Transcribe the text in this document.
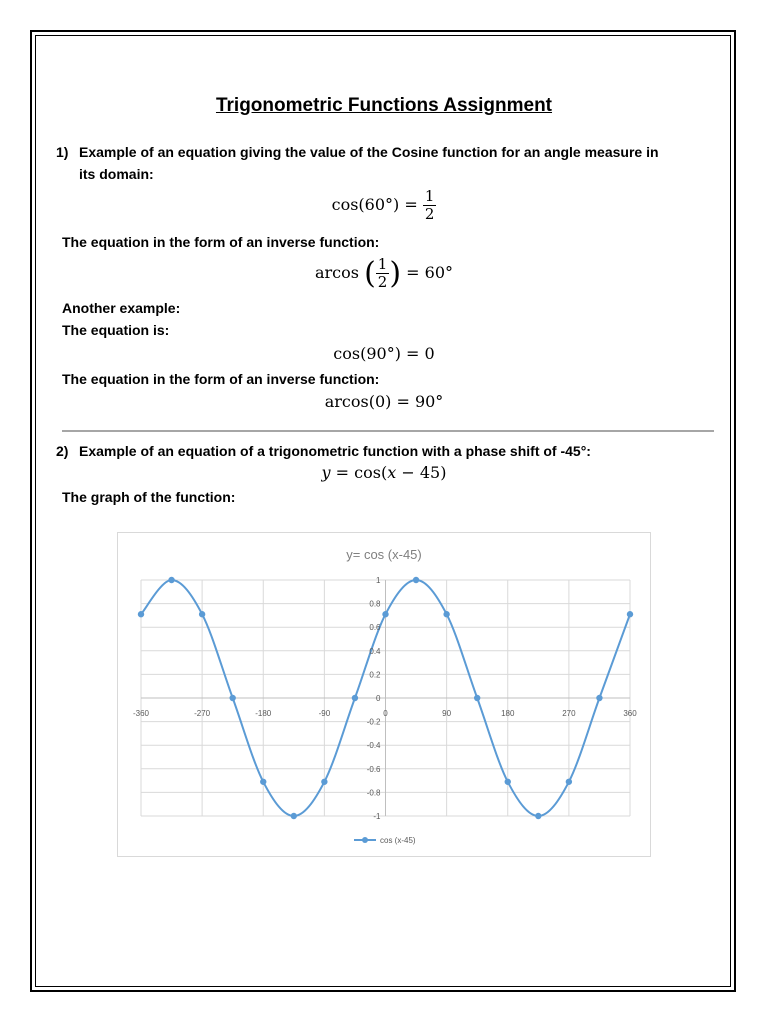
Trigonometric Functions Assignment
1) Example of an equation giving the value of the Cosine function for an angle measure in
its domain:
$\cos(60^\circ) = \frac{1}{2}$
The equation in the form of an inverse function:
arcos ( $\frac{1}{2}$ ) = 60°
Another example:
The equation is:
cos(90°) = 0
The equation in the form of an inverse function:
arcos(0) = 90°
2) Example of an equation of a trigonometric function with a phase shift of -45°:
y = cos(x − 45)
The graph of the function:
y= cos (x-45)
1
0.8
0.6
0.4
0.2
0
-0.2
-0.4
-0.6
-0.8
-1
-360	-270	-180	-90	0	90	180	270	360
cos (x-45)
